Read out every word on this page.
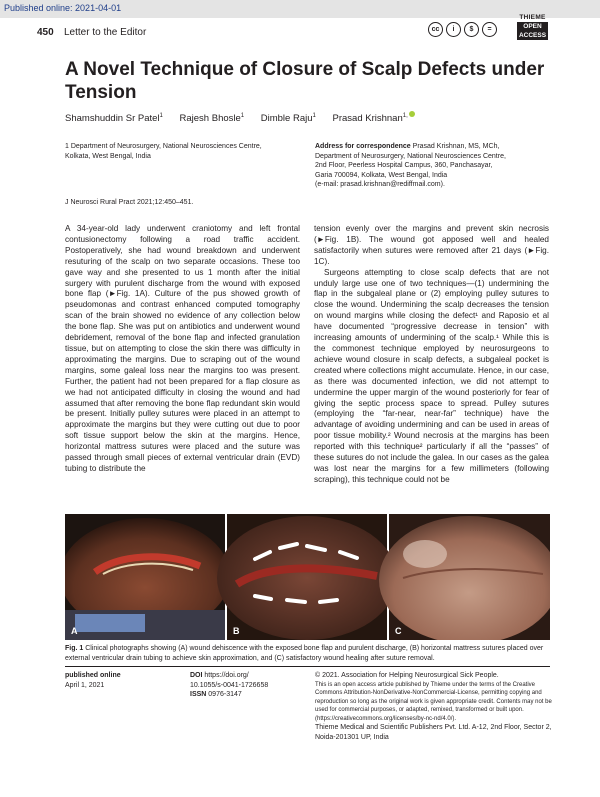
Published online: 2021-04-01
450 Letter to the Editor	cc	i	$	=
THIEME
OPEN
ACCESS
A Novel Technique of Closure of Scalp Defects under Tension
Shamshuddin Sr Patel$^1$ Rajesh Bhosle$^1$ Dimble Raju$^1$ Prasad Krishnan$^{1,}$
1 Department of Neurosurgery, National Neurosciences Centre,
Kolkata, West Bengal, India
Address for correspondence Prasad Krishnan, MS, MCh,
Department of Neurosurgery, National Neurosciences Centre,
2nd Floor, Peerless Hospital Campus, 360, Panchasayar,
Garia 700094, Kolkata, West Bengal, India
(e-mail: prasad.krishnan@rediffmail.com).
J Neurosci Rural Pract 2021;12:450–451.

A 34-year-old lady underwent craniotomy and left frontal contusionectomy following a road traffic accident. Postoperatively, she had wound breakdown and underwent resuturing of the scalp on two separate occasions. These too gave way and she presented to us 1 month after the initial surgery with purulent discharge from the wound with exposed bone flap (►Fig. 1A). Culture of the pus showed growth of pseudomonas and contrast enhanced computed tomography scan of the brain showed no evidence of any collection below the bone flap. She was put on antibiotics and underwent wound debridement, removal of the bone flap and infected granulation tissue, but on attempting to close the skin there was difficulty in approximating the margins. Due to scraping out of the wound margins, some galeal loss near the margins too was present. Further, the patient had not been prepared for a flap closure as we had not anticipated difficulty in closing the wound and had assumed that after removing the bone flap redundant skin would be present. Initially pulley sutures were placed in an attempt to approximate the margins but they were cutting out due to poor soft tissue support below the skin at the margins. Hence, horizontal mattress sutures were placed and the suture was passed through small pieces of external ventricular drain (EVD) tubing to distribute the

tension evenly over the margins and prevent skin necrosis (►Fig. 1B). The wound got apposed well and healed satisfactorily when sutures were removed after 21 days (►Fig. 1C).

Surgeons attempting to close scalp defects that are not unduly large use one of two techniques—(1) undermining the flap in the subgaleal plane or (2) employing pulley sutures to close the wound. Undermining the scalp decreases the tension on wound margins while closing the defect¹ and Raposio et al have documented “progressive decrease in tension” with increasing amounts of undermining of the scalp.¹ While this is the commonest technique employed by neurosurgeons to achieve wound closure in scalp defects, a subgaleal pocket is created where collections might accumulate. Hence, in our case, as there was documented infection, we did not attempt to undermine the upper margin of the wound posteriorly for fear of giving the septic process space to spread. Pulley sutures (employing the “far-near, near-far” technique) have the advantage of avoiding undermining and can be used in areas of poor tissue mobility.² Wound necrosis at the margins has been reported with this technique² particularly if all the “passes” of these sutures do not include the galea. In our cases as the galea was lost near the margins for a few millimeters (following scraping), this technique could not be

A	B	C
Fig. 1 Clinical photographs showing (A) wound dehiscence with the exposed bone flap and purulent discharge, (B) horizontal mattress sutures placed over external ventricular drain tubing to achieve skin approximation, and (C) satisfactory wound healing after suture removal.
published online
April 1, 2021
DOI https://doi.org/
10.1055/s-0041-1726658
ISSN 0976-3147
© 2021. Association for Helping Neurosurgical Sick People.
This is an open access article published by Thieme under the terms of the Creative Commons Attribution-NonDerivative-NonCommercial-License, permitting copying and reproduction so long as the original work is given appropriate credit. Contents may not be used for commercial purposes, or adapted, remixed, transformed or built upon. (https://creativecommons.org/licenses/by-nc-nd/4.0/).
Thieme Medical and Scientific Publishers Pvt. Ltd. A-12, 2nd Floor, Sector 2, Noida-201301 UP, India
